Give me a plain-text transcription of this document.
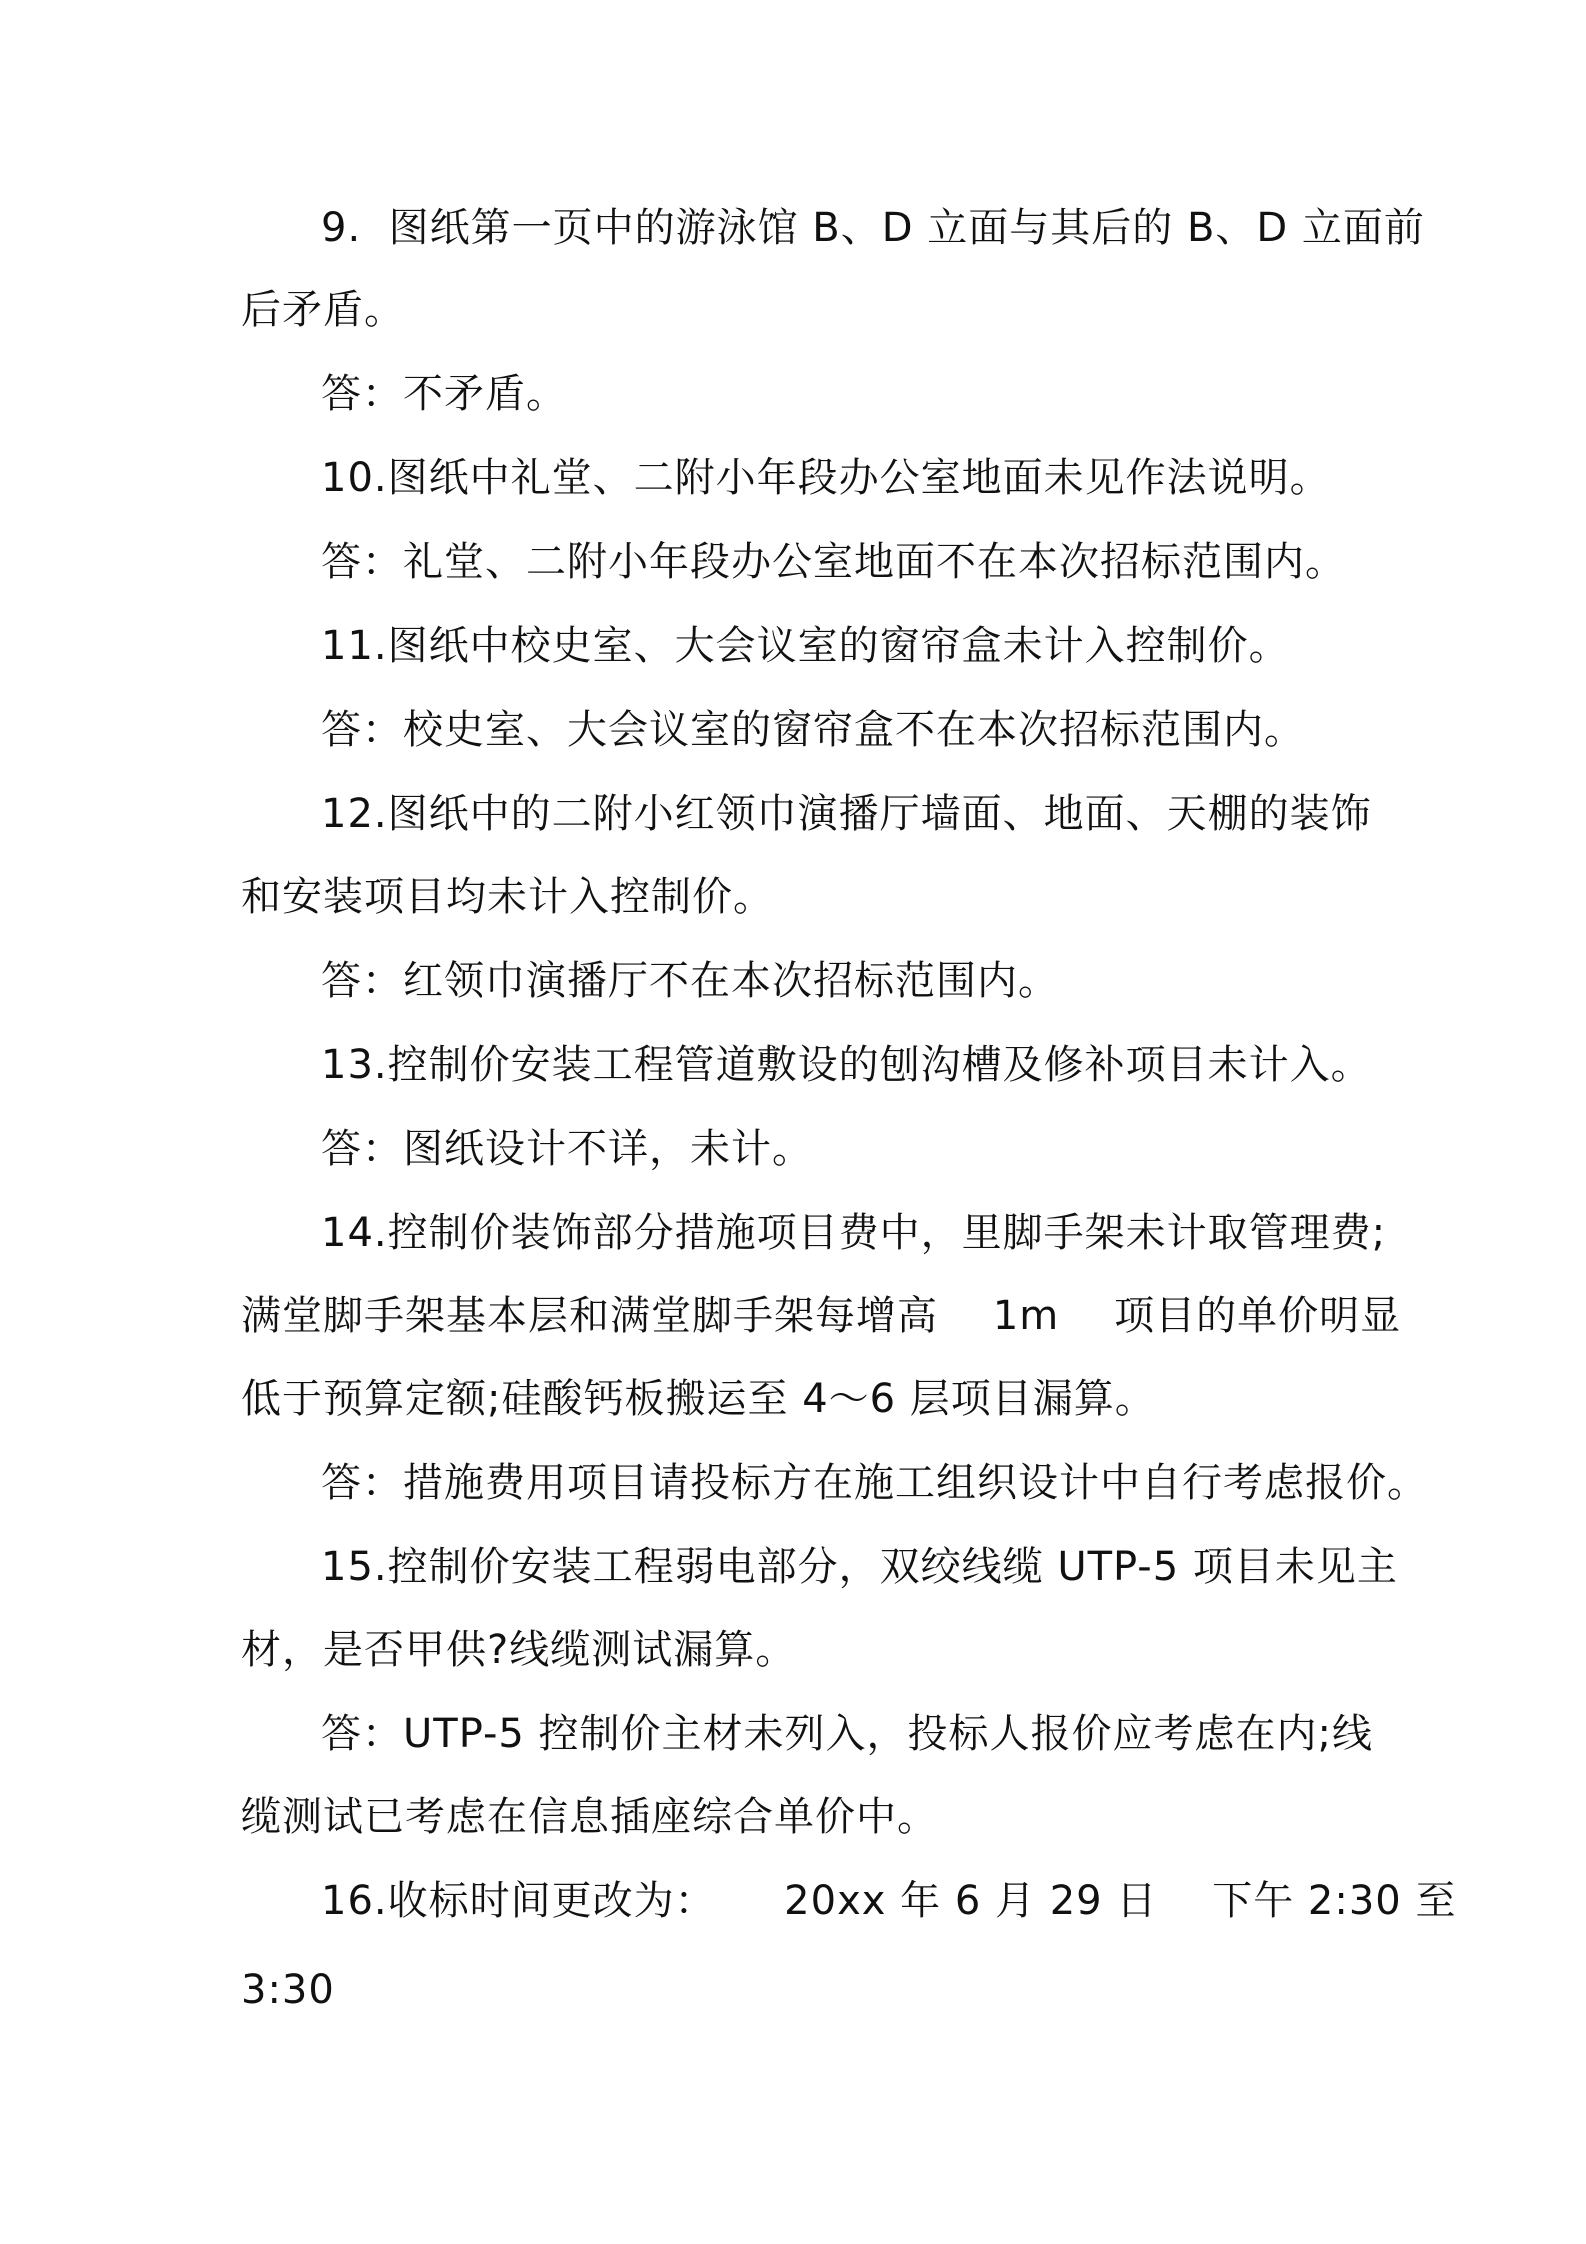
9.  图纸第一页中的游泳馆 B、D 立面与其后的 B、D 立面前
后矛盾。
答：不矛盾。
10.图纸中礼堂、二附小年段办公室地面未见作法说明。
答：礼堂、二附小年段办公室地面不在本次招标范围内。
11.图纸中校史室、大会议室的窗帘盒未计入控制价。
答：校史室、大会议室的窗帘盒不在本次招标范围内。
12.图纸中的二附小红领巾演播厅墙面、地面、天棚的装饰
和安装项目均未计入控制价。
答：红领巾演播厅不在本次招标范围内。
13.控制价安装工程管道敷设的刨沟槽及修补项目未计入。
答：图纸设计不详，未计。
14.控制价装饰部分措施项目费中，里脚手架未计取管理费;
满堂脚手架基本层和满堂脚手架每增高    1m    项目的单价明显
低于预算定额;硅酸钙板搬运至 4～6 层项目漏算。
答：措施费用项目请投标方在施工组织设计中自行考虑报价。
15.控制价安装工程弱电部分，双绞线缆 UTP-5 项目未见主
材，是否甲供?线缆测试漏算。
答：UTP-5 控制价主材未列入，投标人报价应考虑在内;线
缆测试已考虑在信息插座综合单价中。
16.收标时间更改为：     20xx 年 6 月 29 日    下午 2:30 至
3:30
